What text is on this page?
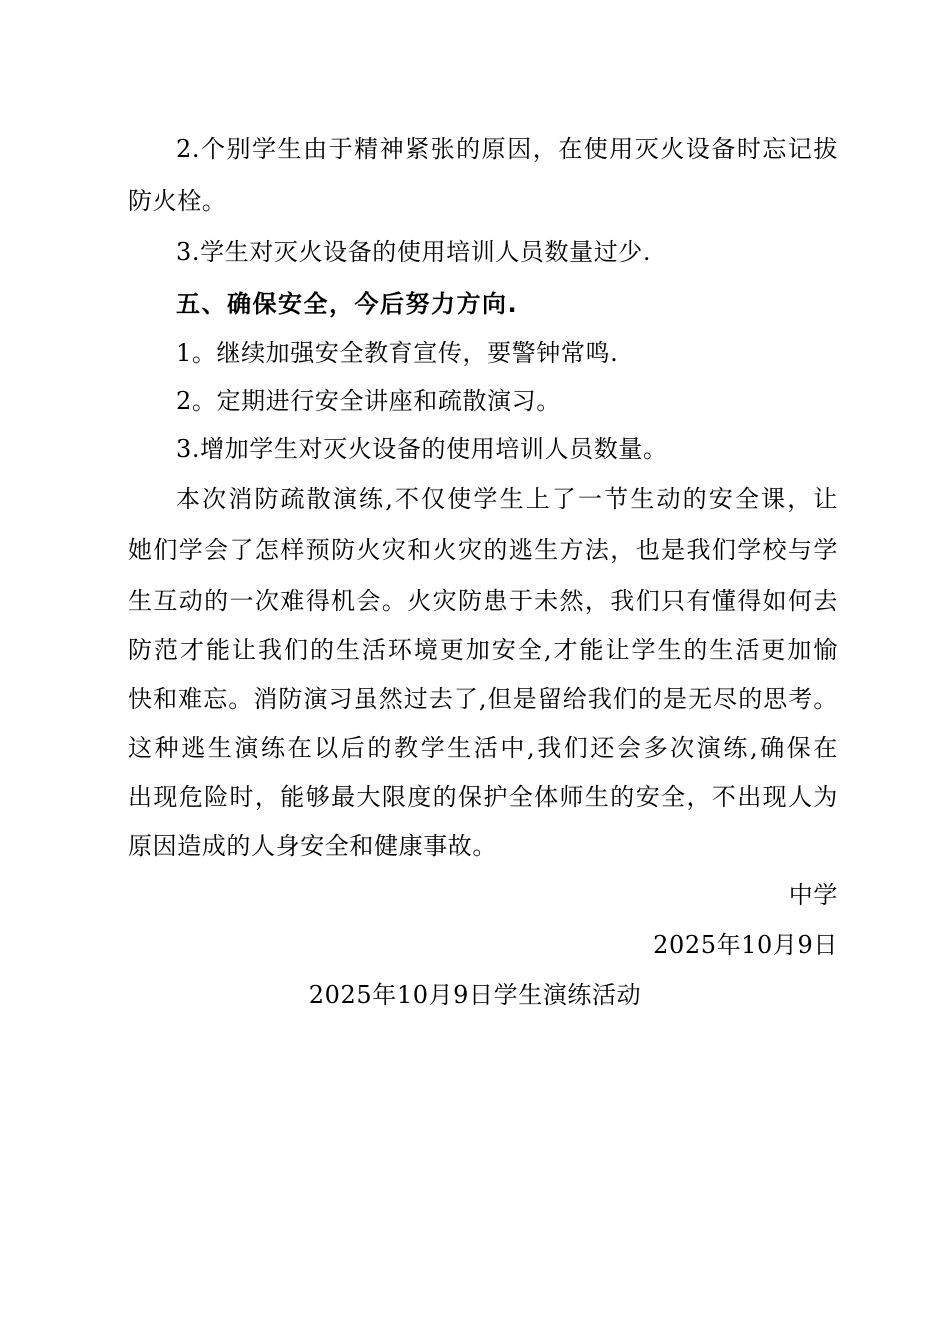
2.个别学生由于精神紧张的原因，在使用灭火设备时忘记拔
防火栓。
3.学生对灭火设备的使用培训人员数量过少.
五、确保安全，今后努力方向.
1。继续加强安全教育宣传，要警钟常鸣.
2。定期进行安全讲座和疏散演习。
3.增加学生对灭火设备的使用培训人员数量。
本次消防疏散演练,不仅使学生上了一节生动的安全课，让
她们学会了怎样预防火灾和火灾的逃生方法，也是我们学校与学
生互动的一次难得机会。火灾防患于未然，我们只有懂得如何去
防范才能让我们的生活环境更加安全,才能让学生的生活更加愉
快和难忘。消防演习虽然过去了,但是留给我们的是无尽的思考。
这种逃生演练在以后的教学生活中,我们还会多次演练,确保在
出现危险时，能够最大限度的保护全体师生的安全，不出现人为
原因造成的人身安全和健康事故。
中学
2025年10月9日
2025年10月9日学生演练活动
